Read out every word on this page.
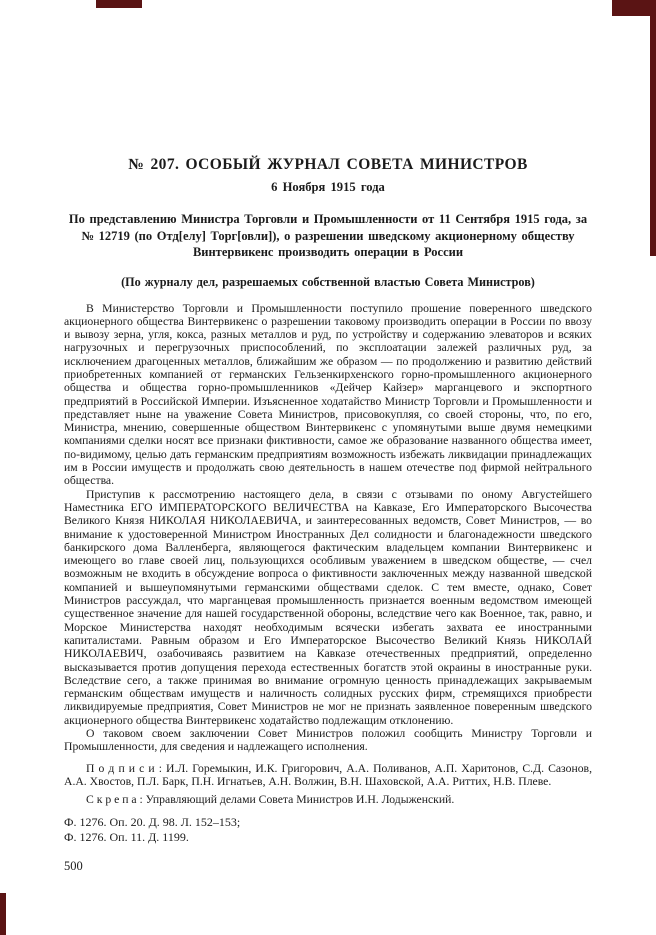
№ 207. ОСОБЫЙ ЖУРНАЛ СОВЕТА МИНИСТРОВ
6 Ноября 1915 года
По представлению Министра Торговли и Промышленности от 11 Сентября 1915 года, за № 12719 (по Отд[елу] Торг[овли]), о разрешении шведскому акционерному обществу Винтервикенс производить операции в России
(По журналу дел, разрешаемых собственной властью Совета Министров)

В Министерство Торговли и Промышленности поступило прошение поверенного шведского акционерного общества Винтервикенс о разрешении таковому производить операции в России по ввозу и вывозу зерна, угля, кокса, разных металлов и руд, по устройству и содержанию элеваторов и всяких нагрузочных и перегрузочных приспособлений, по эксплоатации залежей различных руд, за исключением драгоценных металлов, ближайшим же образом — по продолжению и развитию действий приобретенных компанией от германских Гельзенкирхенского горно-промышленного акционерного общества и общества горно-промышленников «Дейчер Кайзер» марганцевого и экспортного предприятий в Российской Империи. Изъясненное ходатайство Министр Торговли и Промышленности и представляет ныне на уважение Совета Министров, присовокупляя, со своей стороны, что, по его, Министра, мнению, совершенные обществом Винтервикенс с упомянутыми выше двумя немецкими компаниями сделки носят все признаки фиктивности, самое же образование названного общества имеет, по-видимому, целью дать германским предприятиям возможность избежать ликвидации принадлежащих им в России имуществ и продолжать свою деятельность в нашем отечестве под фирмой нейтрального общества.

Приступив к рассмотрению настоящего дела, в связи с отзывами по оному Августейшего Наместника ЕГО ИМПЕРАТОРСКОГО ВЕЛИЧЕСТВА на Кавказе, Его Императорского Высочества Великого Князя НИКОЛАЯ НИКОЛАЕВИЧА, и заинтересованных ведомств, Совет Министров, — во внимание к удостоверенной Министром Иностранных Дел солидности и благонадежности шведского банкирского дома Валленберга, являющегося фактическим владельцем компании Винтервикенс и имеющего во главе своей лиц, пользующихся особливым уважением в шведском обществе, — счел возможным не входить в обсуждение вопроса о фиктивности заключенных между названной шведской компанией и вышеупомянутыми германскими обществами сделок. С тем вместе, однако, Совет Министров рассуждал, что марганцевая промышленность признается военным ведомством имеющей существенное значение для нашей государственной обороны, вследствие чего как Военное, так, равно, и Морское Министерства находят необходимым всячески избегать захвата ее иностранными капиталистами. Равным образом и Его Императорское Высочество Великий Князь НИКОЛАЙ НИКОЛАЕВИЧ, озабочиваясь развитием на Кавказе отечественных предприятий, определенно высказывается против допущения перехода естественных богатств этой окраины в иностранные руки. Вследствие сего, а также принимая во внимание огромную ценность принадлежащих закрываемым германским обществам имуществ и наличность солидных русских фирм, стремящихся приобрести ликвидируемые предприятия, Совет Министров не мог не признать заявленное поверенным шведского акционерного общества Винтервикенс ходатайство подлежащим отклонению.

О таковом своем заключении Совет Министров положил сообщить Министру Торговли и Промышленности, для сведения и надлежащего исполнения.

П о д п и с и : И.Л. Горемыкин, И.К. Григорович, А.А. Поливанов, А.П. Харитонов, С.Д. Сазонов, А.А. Хвостов, П.Л. Барк, П.Н. Игнатьев, А.Н. Волжин, В.Н. Шаховской, А.А. Риттих, Н.В. Плеве.
С к р е п а : Управляющий делами Совета Министров И.Н. Лодыженский.
Ф. 1276. Оп. 20. Д. 98. Л. 152–153;
Ф. 1276. Оп. 11. Д. 1199.
500
